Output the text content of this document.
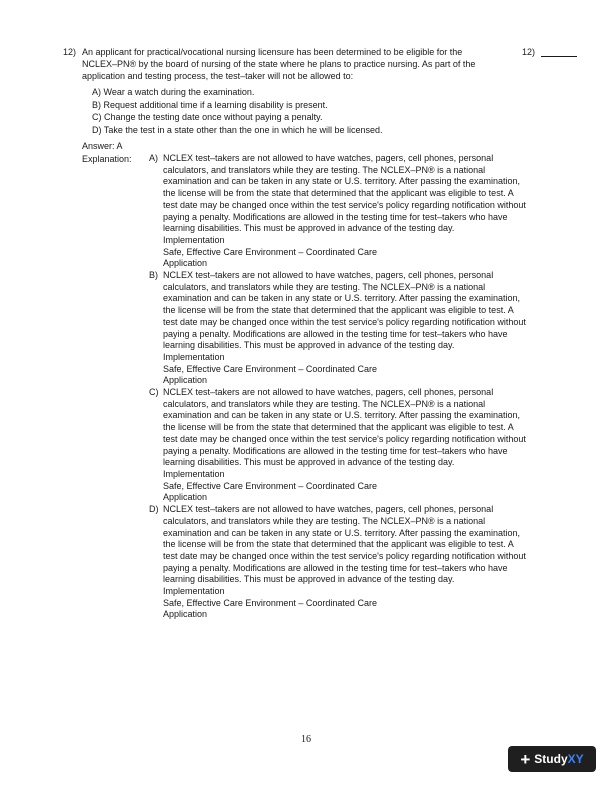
12) An applicant for practical/vocational nursing licensure has been determined to be eligible for the
NCLEX–PN® by the board of nursing of the state where he plans to practice nursing. As part of the
application and testing process, the test–taker will not be allowed to:
12)
A) Wear a watch during the examination.
B) Request additional time if a learning disability is present.
C) Change the testing date once without paying a penalty.
D) Take the test in a state other than the one in which he will be licensed.
Answer: A
Explanation: A) NCLEX test–takers are not allowed to have watches, pagers, cell phones, personal calculators, and translators while they are testing. The NCLEX–PN® is a national examination and can be taken in any state or U.S. territory. After passing the examination, the license will be from the state that determined that the applicant was eligible to test. A test date may be changed once within the test service's policy regarding notification without paying a penalty. Modifications are allowed in the testing time for test–takers who have learning disabilities. This must be approved in advance of the testing day.
Implementation
Safe, Effective Care Environment – Coordinated Care
Application
B) NCLEX test–takers are not allowed to have watches, pagers, cell phones, personal calculators, and translators while they are testing. The NCLEX–PN® is a national examination and can be taken in any state or U.S. territory. After passing the examination, the license will be from the state that determined that the applicant was eligible to test. A test date may be changed once within the test service's policy regarding notification without paying a penalty. Modifications are allowed in the testing time for test–takers who have learning disabilities. This must be approved in advance of the testing day.
Implementation
Safe, Effective Care Environment – Coordinated Care
Application
C) NCLEX test–takers are not allowed to have watches, pagers, cell phones, personal calculators, and translators while they are testing. The NCLEX–PN® is a national examination and can be taken in any state or U.S. territory. After passing the examination, the license will be from the state that determined that the applicant was eligible to test. A test date may be changed once within the test service's policy regarding notification without paying a penalty. Modifications are allowed in the testing time for test–takers who have learning disabilities. This must be approved in advance of the testing day.
Implementation
Safe, Effective Care Environment – Coordinated Care
Application
D) NCLEX test–takers are not allowed to have watches, pagers, cell phones, personal calculators, and translators while they are testing. The NCLEX–PN® is a national examination and can be taken in any state or U.S. territory. After passing the examination, the license will be from the state that determined that the applicant was eligible to test. A test date may be changed once within the test service's policy regarding notification without paying a penalty. Modifications are allowed in the testing time for test–takers who have learning disabilities. This must be approved in advance of the testing day.
Implementation
Safe, Effective Care Environment – Coordinated Care
Application
16
+ Study XY
